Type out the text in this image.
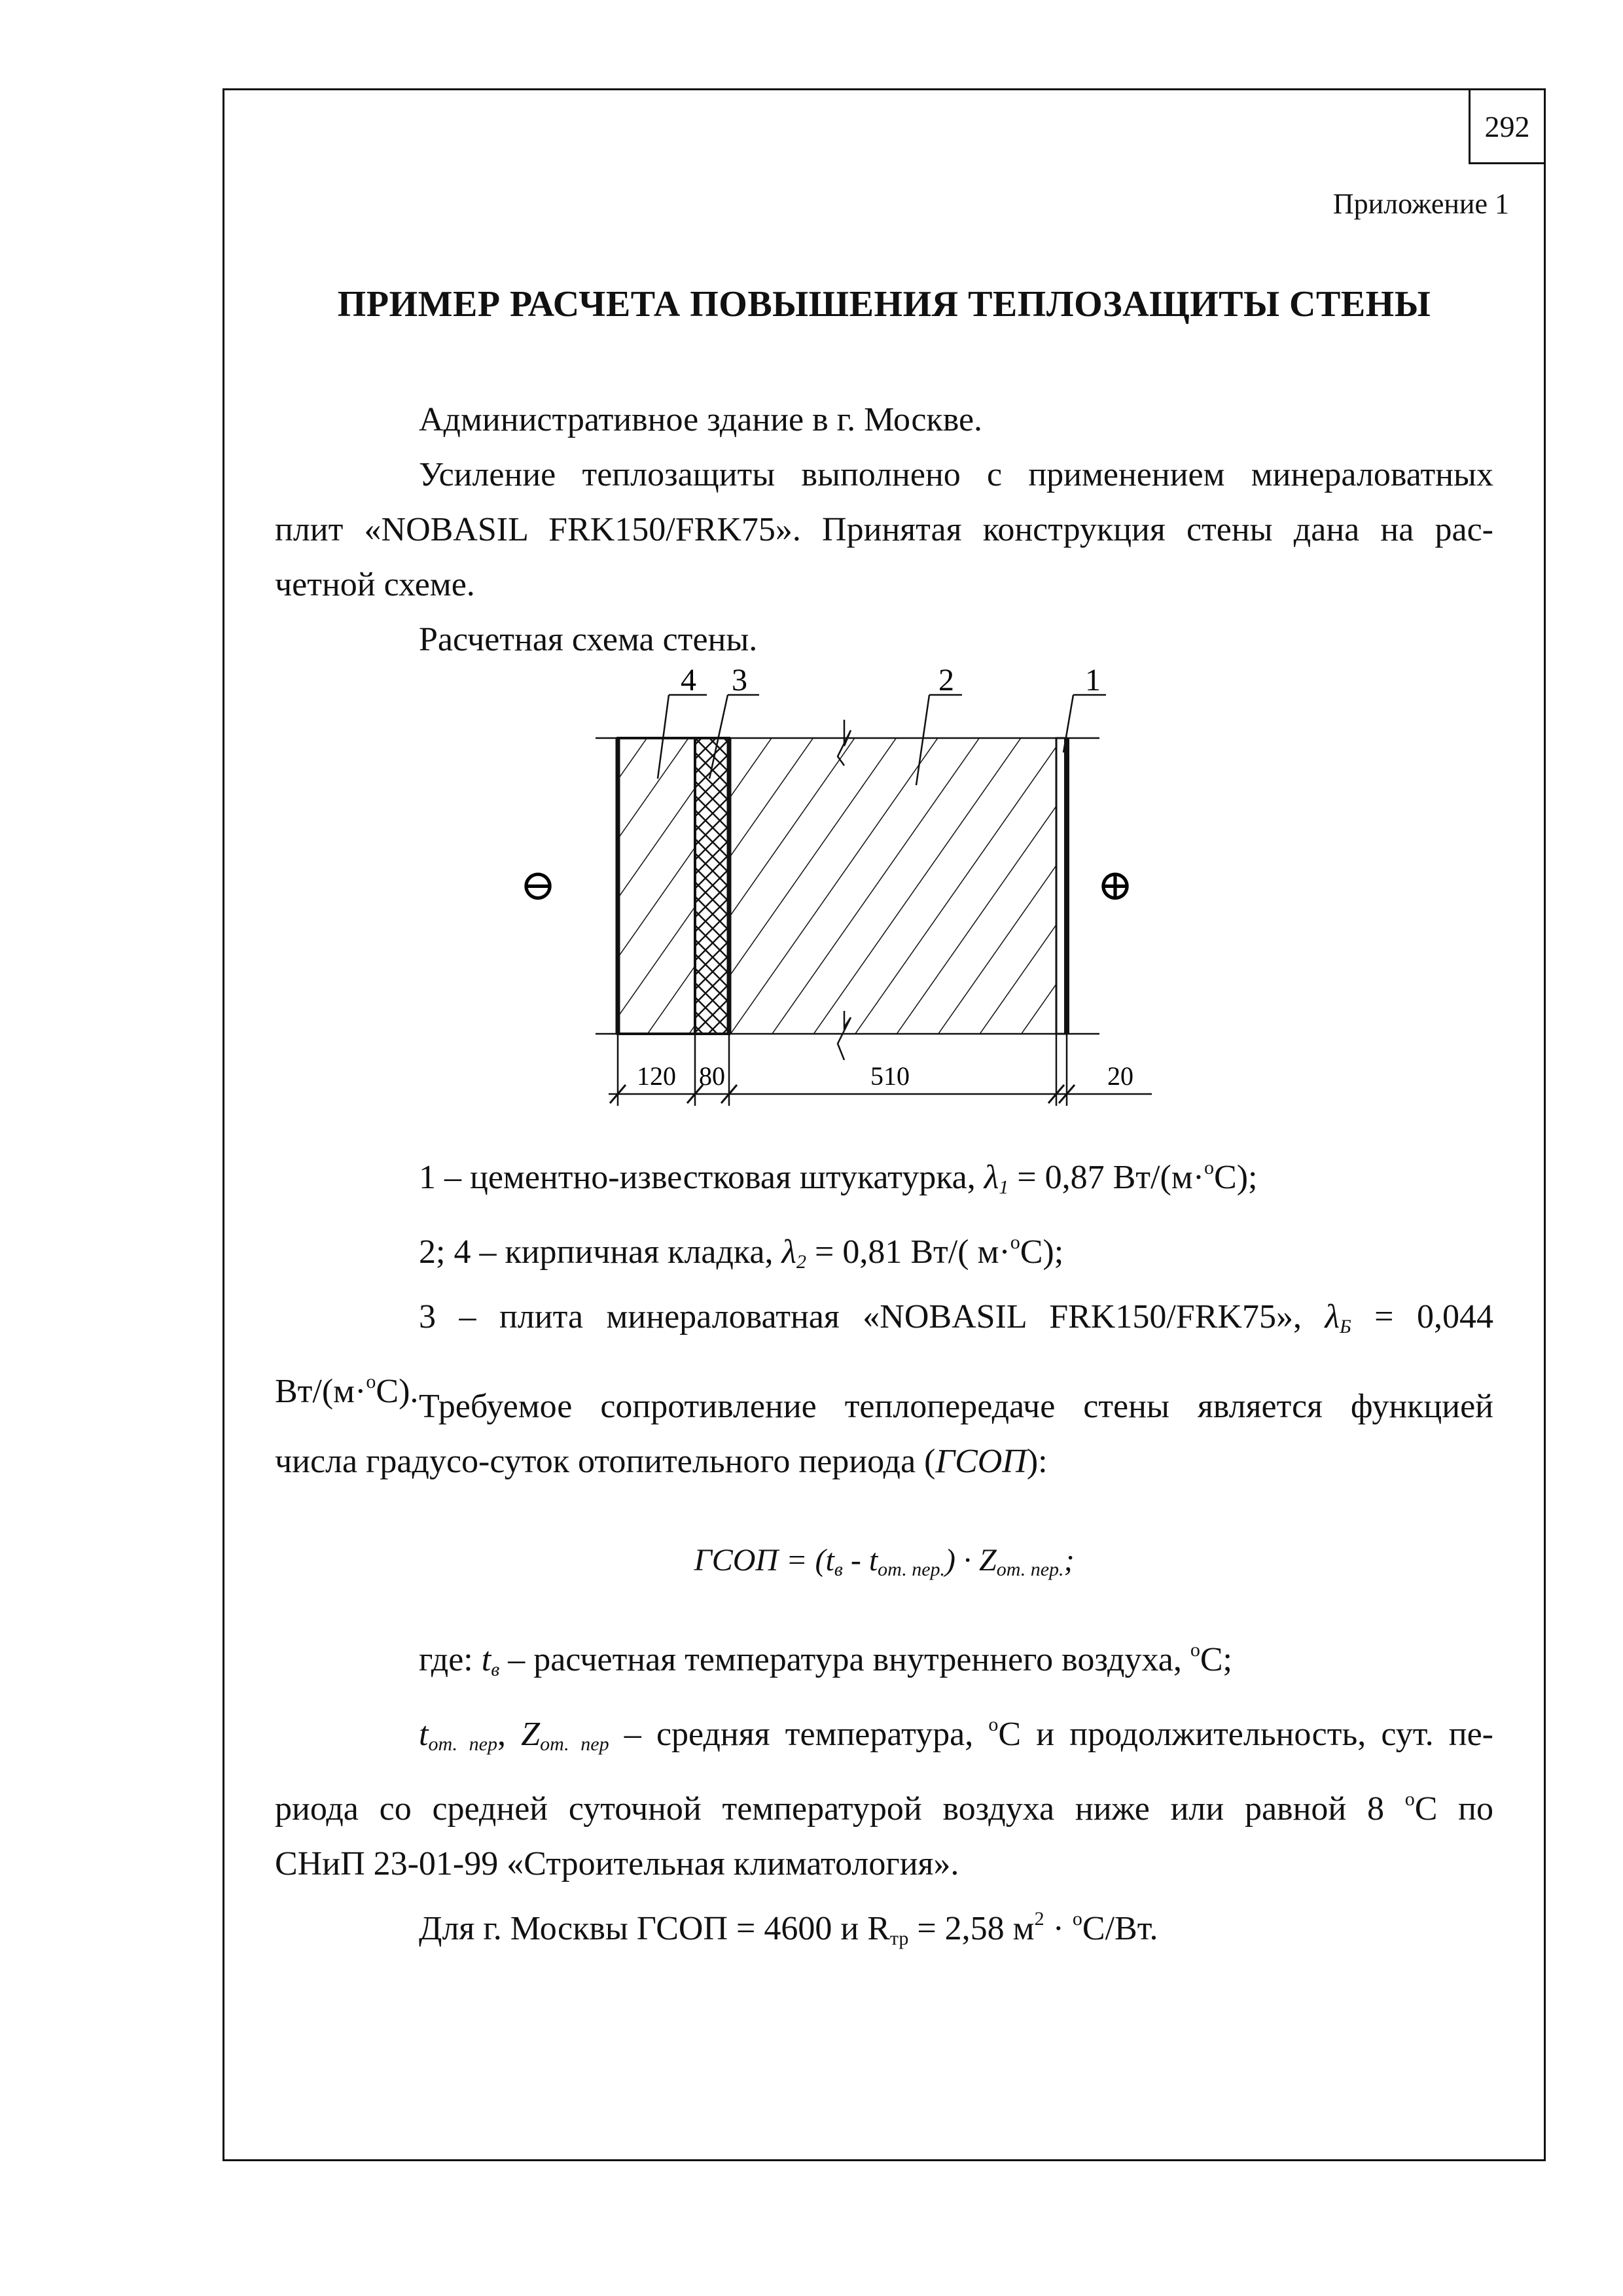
292
Приложение 1
ПРИМЕР РАСЧЕТА ПОВЫШЕНИЯ ТЕПЛОЗАЩИТЫ СТЕНЫ

Административное здание в г. Москве.

Усиление теплозащиты выполнено с применением минераловатных

плит «NOBASIL FRK150/FRK75». Принятая конструкция стены дана на рас-

четной схеме.

Расчетная схема стены.

4 3	2	1
⊖	⊕
120 80	510	20

1 – цементно-известковая штукатурка, $\lambda_1 = 0,87$ Вт/(м·$^о$С);

2; 4 – кирпичная кладка, $\lambda_2 = 0,81$ Вт/( м·$^о$С);

3 – плита минераловатная «NOBASIL FRK150/FRK75», $\lambda_Б = 0,044$

Вт/(м·$^о$С). Требуемое сопротивление теплопередаче стены является функцией

числа градусо-суток отопительного периода (ГСОП):

ГСОП = $(t_в - t_{от. пер.}) \cdot Z_{от. пер.}$;

где: $t_в$ – расчетная температура внутреннего воздуха, $^о$С;

$t_{от. пер}$, $Z_{от. пер}$ – средняя температура, $^о$С и продолжительность, сут. пе-

риода со средней суточной температурой воздуха ниже или равной 8 $^о$С по

СНиП 23-01-99 «Строительная климатология».

Для г. Москвы ГСОП = 4600 и $R_{тр} = 2,58$ $м^2 \cdot ^оС/Вт$.
